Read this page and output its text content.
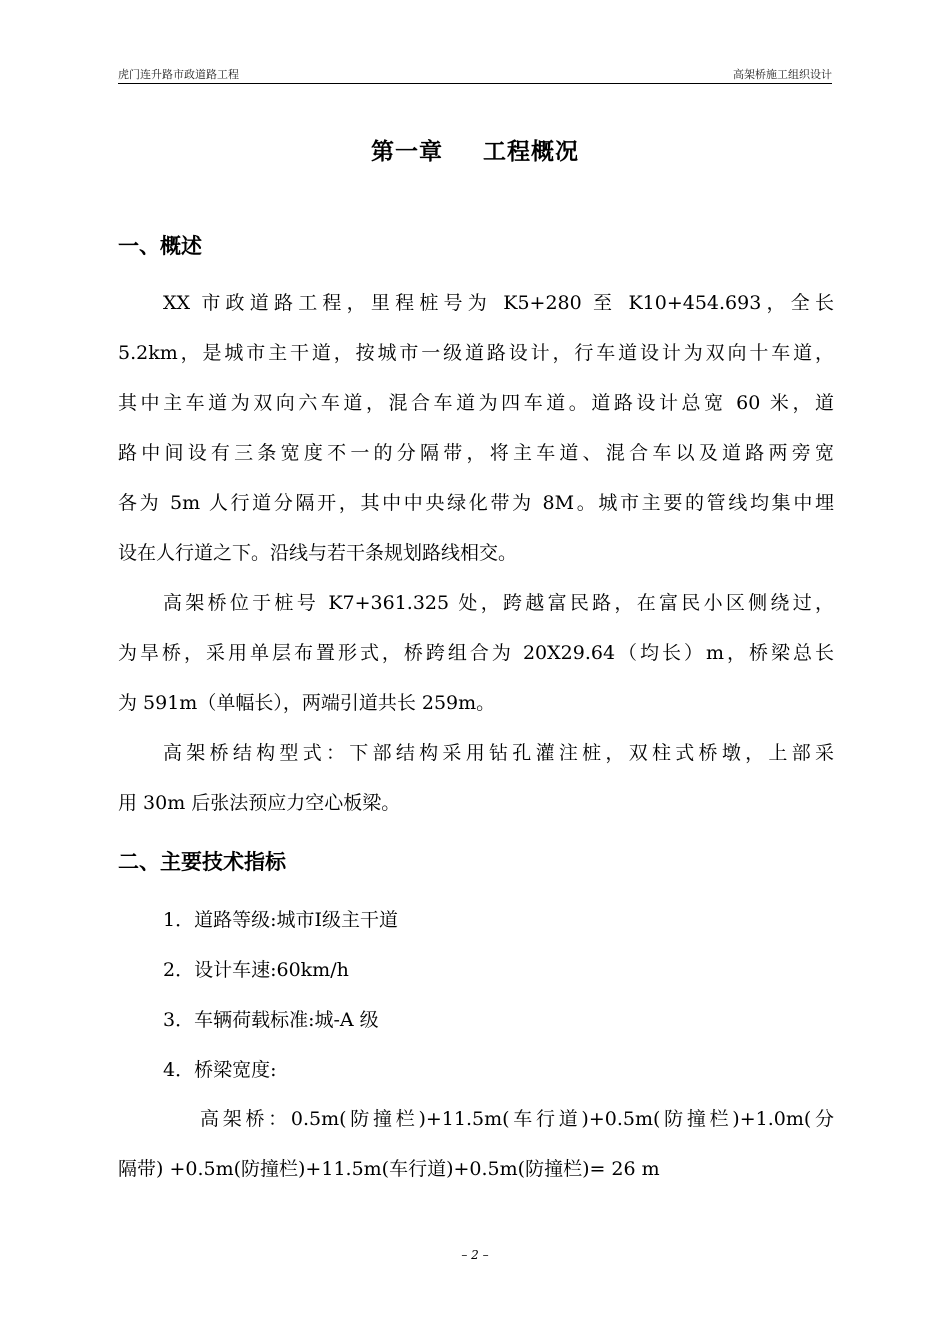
虎门连升路市政道路工程	高架桥施工组织设计
第一章 工程概况
一、概述
XX 市政道路工程，里程桩号为 K5+280 至 K10+454.693，全长
5.2km，是城市主干道，按城市一级道路设计，行车道设计为双向十车道，
其中主车道为双向六车道，混合车道为四车道。道路设计总宽 60 米，道
路中间设有三条宽度不一的分隔带，将主车道、混合车以及道路两旁宽
各为 5m 人行道分隔开，其中中央绿化带为 8M。城市主要的管线均集中埋
设在人行道之下。沿线与若干条规划路线相交。
高架桥位于桩号 K7+361.325 处，跨越富民路，在富民小区侧绕过，
为旱桥，采用单层布置形式，桥跨组合为 20X29.64（均长）m，桥梁总长
为 591m（单幅长），两端引道共长 259m。
高架桥结构型式：下部结构采用钻孔灌注桩，双柱式桥墩，上部采
用 30m 后张法预应力空心板梁。
二、主要技术指标
1．道路等级:城市Ⅰ级主干道
2．设计车速:60km/h
3．车辆荷载标准:城-A 级
4．桥梁宽度:
高架桥：0.5m(防撞栏)+11.5m(车行道)+0.5m(防撞栏)+1.0m(分
隔带) +0.5m(防撞栏)+11.5m(车行道)+0.5m(防撞栏)= 26 m
– 2 –
